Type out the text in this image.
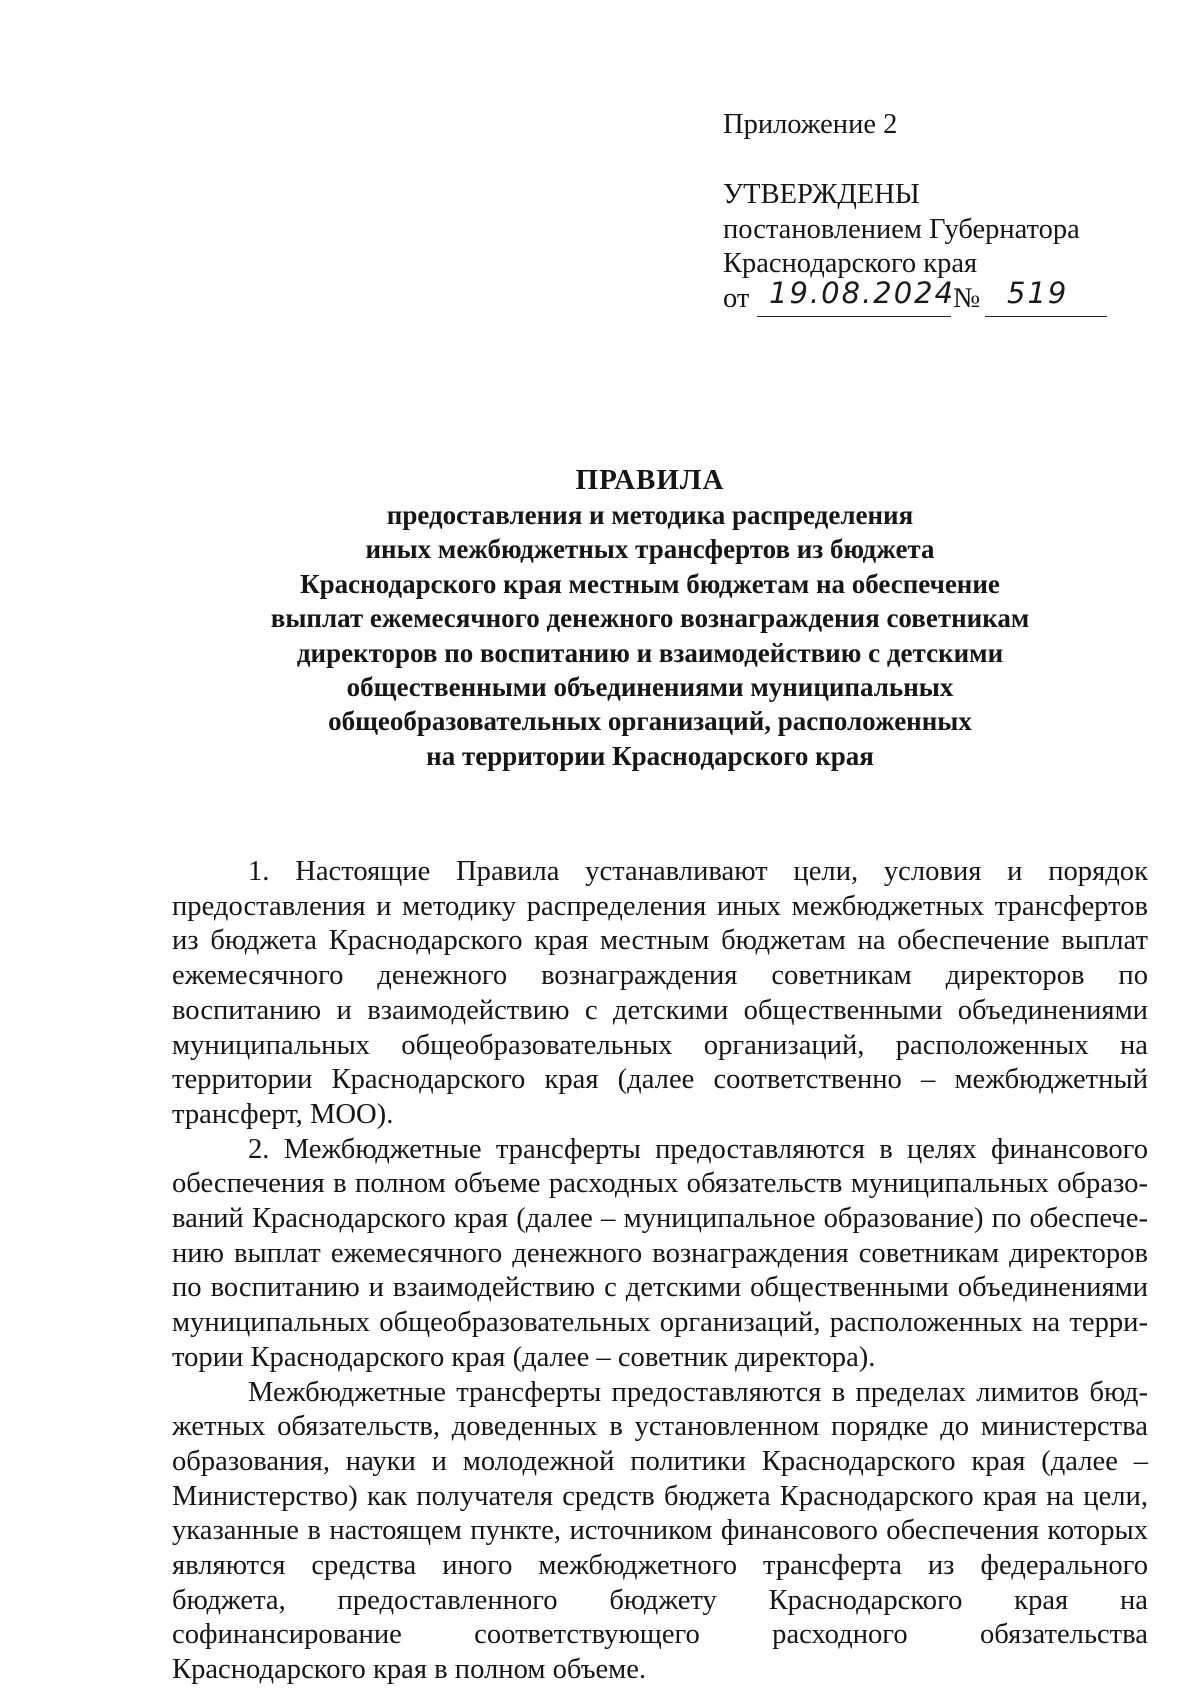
Приложение 2
УТВЕРЖДЕНЫ
постановлением Губернатора
Краснодарского края
от 19.08.2024
№ 519
ПРАВИЛА
предоставления и методика распределения
иных межбюджетных трансфертов из бюджета
Краснодарского края местным бюджетам на обеспечение
выплат ежемесячного денежного вознаграждения советникам
директоров по воспитанию и взаимодействию с детскими
общественными объединениями муниципальных
общеобразовательных организаций, расположенных
на территории Краснодарского края

1. Настоящие Правила устанавливают цели, условия и порядок предоставления и методику распределения иных межбюджетных трансфертов из бюджета Краснодарского края местным бюджетам на обеспечение выплат ежемесячного денежного вознаграждения советникам директоров по воспитанию и взаимодействию с детскими общественными объединениями муниципальных общеобразовательных организаций, расположенных на территории Краснодарского края (далее соответственно – межбюджетный трансферт, МОО).

2. Межбюджетные трансферты предоставляются в целях финансового обеспечения в полном объеме расходных обязательств муниципальных образований Краснодарского края (далее – муниципальное образование) по обеспечению выплат ежемесячного денежного вознаграждения советникам директоров по воспитанию и взаимодействию с детскими общественными объединениями муниципальных общеобразовательных организаций, расположенных на территории Краснодарского края (далее – советник директора).

Межбюджетные трансферты предоставляются в пределах лимитов бюджетных обязательств, доведенных в установленном порядке до министерства образования, науки и молодежной политики Краснодарского края (далее – Министерство) как получателя средств бюджета Краснодарского края на цели, указанные в настоящем пункте, источником финансового обеспечения которых являются средства иного межбюджетного трансферта из федерального бюджета, предоставленного бюджету Краснодарского края на софинансирование соответствующего расходного обязательства Краснодарского края в полном объеме.
